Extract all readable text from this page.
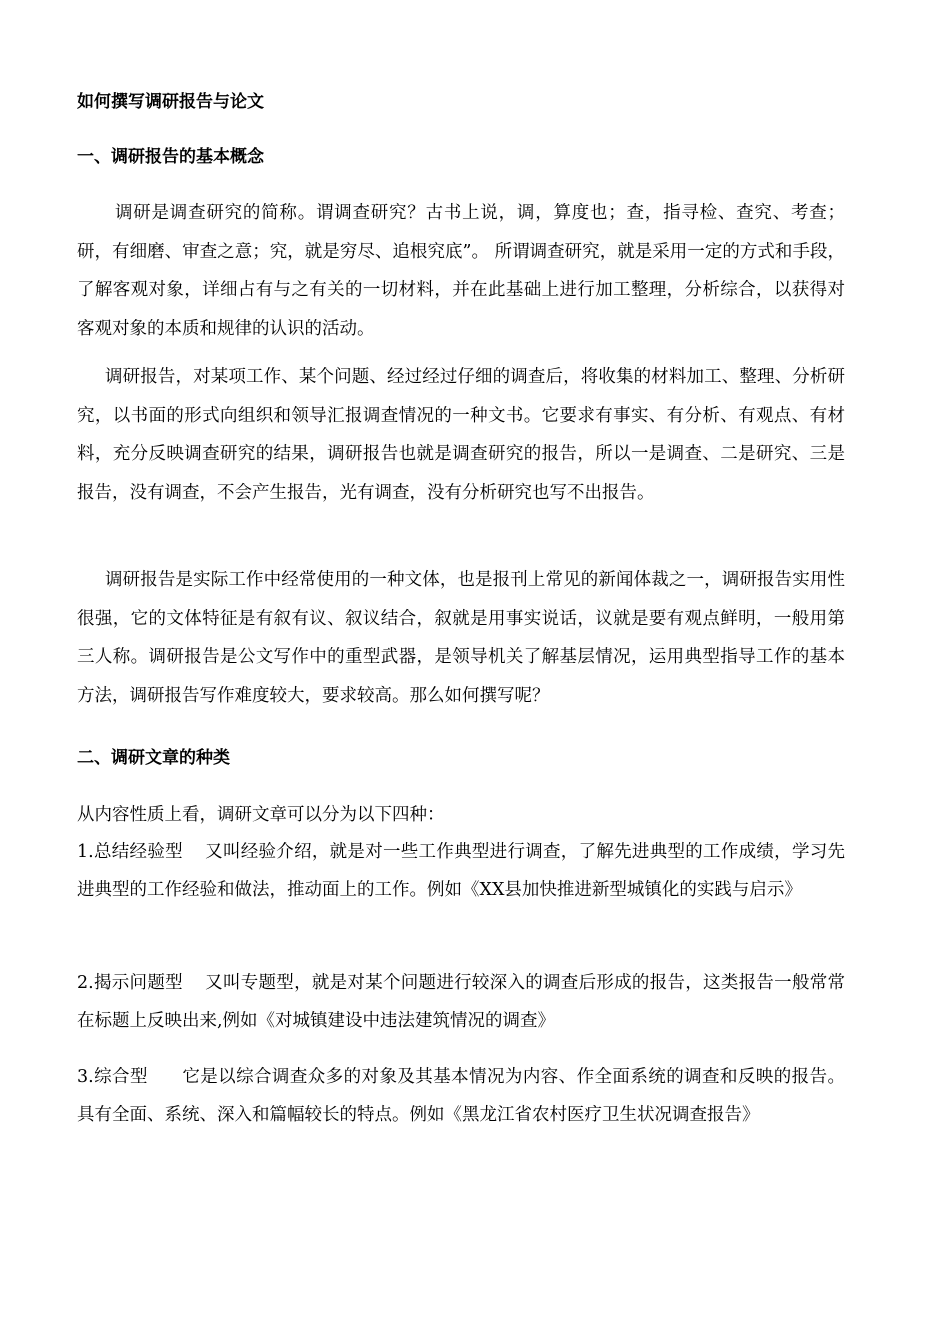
如何撰写调研报告与论文
一、调研报告的基本概念

调研是调查研究的简称。谓调查研究？古书上说，调，算度也；查，指寻检、查究、考查；研，有细磨、审查之意；究，就是穷尽、追根究底”。 所谓调查研究，就是采用一定的方式和手段，了解客观对象，详细占有与之有关的一切材料，并在此基础上进行加工整理，分析综合，以获得对客观对象的本质和规律的认识的活动。

调研报告，对某项工作、某个问题、经过经过仔细的调查后，将收集的材料加工、整理、分析研究，以书面的形式向组织和领导汇报调查情况的一种文书。它要求有事实、有分析、有观点、有材料，充分反映调查研究的结果，调研报告也就是调查研究的报告，所以一是调查、二是研究、三是报告，没有调查，不会产生报告，光有调查，没有分析研究也写不出报告。

调研报告是实际工作中经常使用的一种文体，也是报刊上常见的新闻体裁之一，调研报告实用性很强，它的文体特征是有叙有议、叙议结合，叙就是用事实说话，议就是要有观点鲜明，一般用第三人称。调研报告是公文写作中的重型武器，是领导机关了解基层情况，运用典型指导工作的基本方法，调研报告写作难度较大，要求较高。那么如何撰写呢？

二、调研文章的种类

从内容性质上看，调研文章可以分为以下四种：

1.总结经验型 又叫经验介绍，就是对一些工作典型进行调查，了解先进典型的工作成绩，学习先进典型的工作经验和做法，推动面上的工作。例如《XX县加快推进新型城镇化的实践与启示》

2.揭示问题型 又叫专题型，就是对某个问题进行较深入的调查后形成的报告，这类报告一般常常在标题上反映出来,例如《对城镇建设中违法建筑情况的调查》

3.综合型 它是以综合调查众多的对象及其基本情况为内容、作全面系统的调查和反映的报告。具有全面、系统、深入和篇幅较长的特点。例如《黑龙江省农村医疗卫生状况调查报告》
